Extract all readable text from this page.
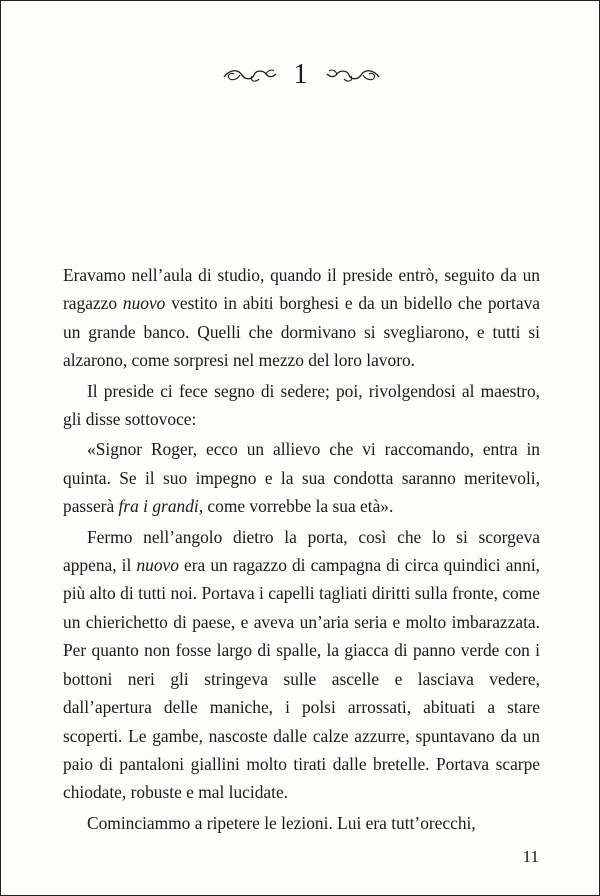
1

Eravamo nell’aula di studio, quando il preside entrò, seguito da un ragazzo nuovo vestito in abiti borghesi e da un bidello che portava un grande banco. Quelli che dormivano si svegliarono, e tutti si alzarono, come sorpresi nel mezzo del loro lavoro.

Il preside ci fece segno di sedere; poi, rivolgendosi al maestro, gli disse sottovoce:

«Signor Roger, ecco un allievo che vi raccomando, entra in quinta. Se il suo impegno e la sua condotta saranno meritevoli, passerà fra i grandi, come vorrebbe la sua età».

Fermo nell’angolo dietro la porta, così che lo si scorgeva appena, il nuovo era un ragazzo di campagna di circa quindici anni, più alto di tutti noi. Portava i capelli tagliati diritti sulla fronte, come un chierichetto di paese, e aveva un’aria seria e molto imbarazzata. Per quanto non fosse largo di spalle, la giacca di panno verde con i bottoni neri gli stringeva sulle ascelle e lasciava vedere, dall’apertura delle maniche, i polsi arrossati, abituati a stare scoperti. Le gambe, nascoste dalle calze azzurre, spuntavano da un paio di pantaloni giallini molto tirati dalle bretelle. Portava scarpe chiodate, robuste e mal lucidate.

Cominciammo a ripetere le lezioni. Lui era tutt’orecchi,

11
